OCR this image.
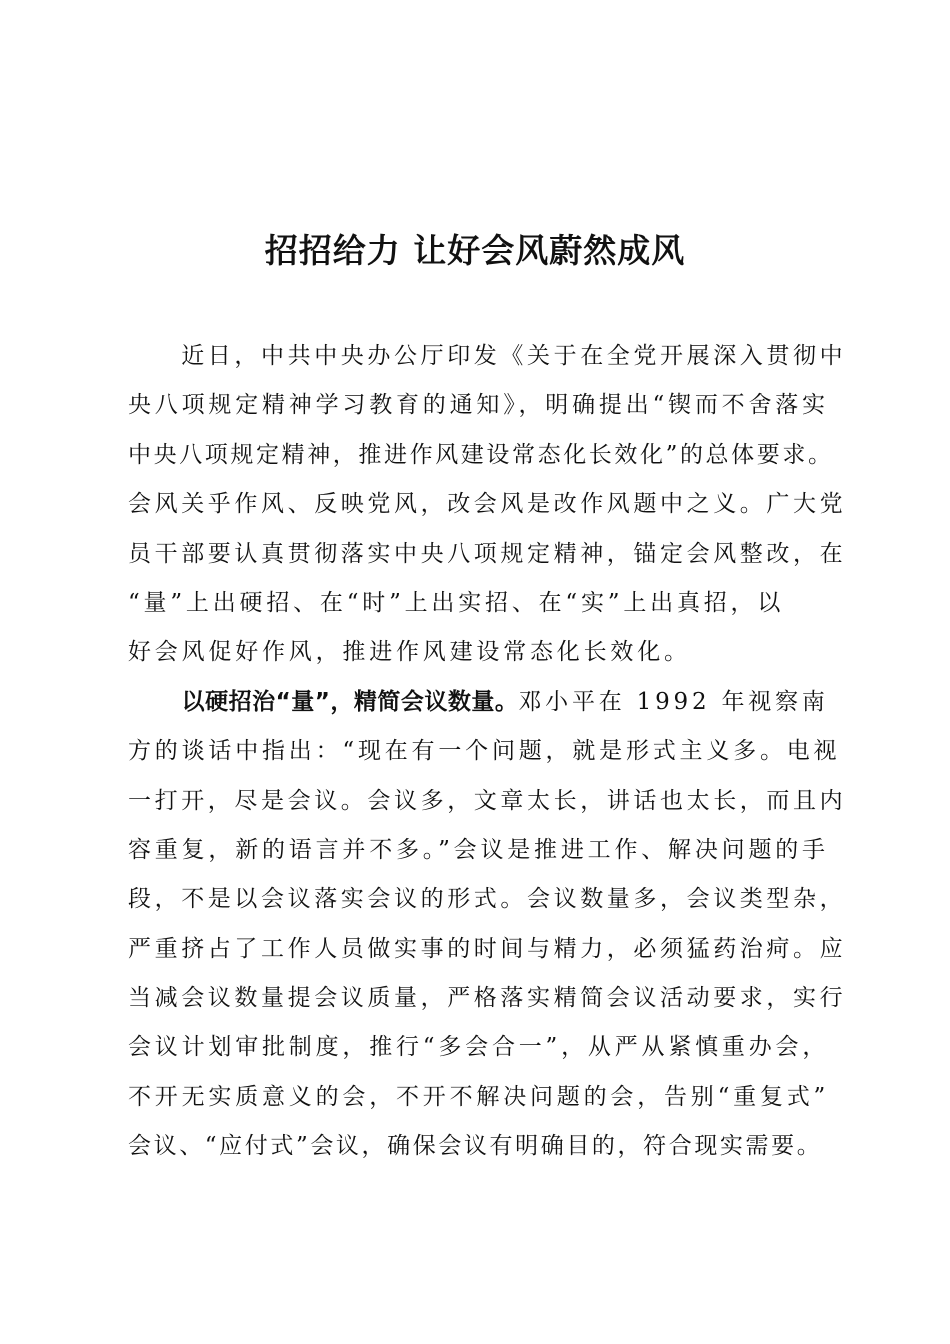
招招给力 让好会风蔚然成风
　　近日，中共中央办公厅印发《关于在全党开展深入贯彻中
央八项规定精神学习教育的通知》，明确提出“锲而不舍落实
中央八项规定精神，推进作风建设常态化长效化”的总体要求。
会风关乎作风、反映党风，改会风是改作风题中之义。广大党
员干部要认真贯彻落实中央八项规定精神，锚定会风整改，在
“量”上出硬招、在“时”上出实招、在“实”上出真招，以
好会风促好作风，推进作风建设常态化长效化。
　　以硬招治“量”，精简会议数量。邓小平在 1992 年视察南
方的谈话中指出：“现在有一个问题，就是形式主义多。电视
一打开，尽是会议。会议多，文章太长，讲话也太长，而且内
容重复，新的语言并不多。”会议是推进工作、解决问题的手
段，不是以会议落实会议的形式。会议数量多，会议类型杂，
严重挤占了工作人员做实事的时间与精力，必须猛药治疴。应
当减会议数量提会议质量，严格落实精简会议活动要求，实行
会议计划审批制度，推行“多会合一”，从严从紧慎重办会，
不开无实质意义的会，不开不解决问题的会，告别“重复式”
会议、“应付式”会议，确保会议有明确目的，符合现实需要。
